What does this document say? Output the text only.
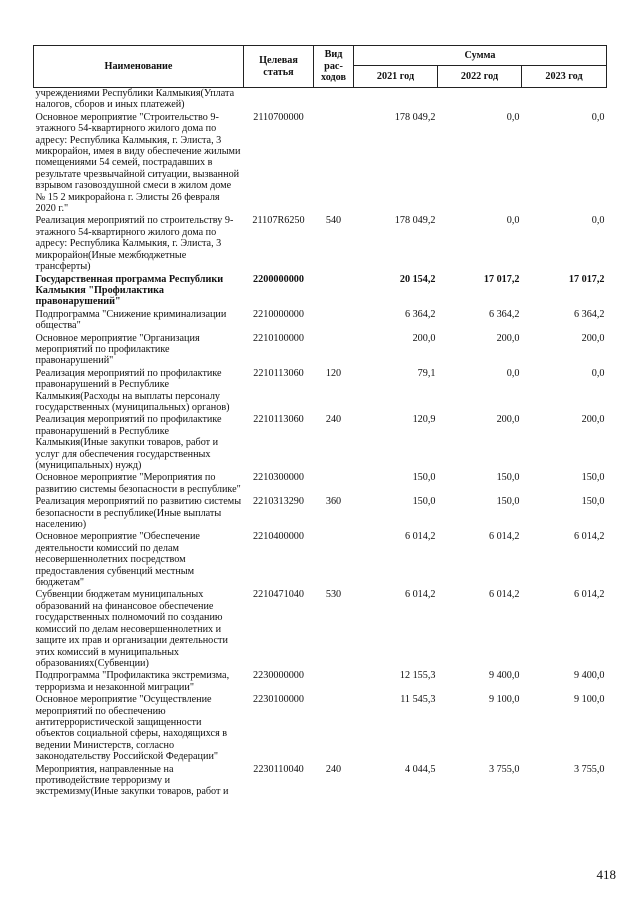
Наименование	Целевая статья	Вид рас-ходов	Сумма		
			2021 год	2022 год	2023 год
учреждениями Республики Калмыкия(Уплата налогов, сборов и иных платежей)					
Основное мероприятие "Строительство 9-этажного 54-квартирного жилого дома по адресу: Республика Калмыкия, г. Элиста, 3 микрорайон, имея в виду обеспечение жилыми помещениями 54 семей, пострадавших в результате чрезвычайной ситуации, вызванной взрывом газовоздушной смеси в жилом доме № 15 2 микрорайона г. Элисты 26 февраля 2020 г."	2110700000		178 049,2	0,0	0,0
Реализация мероприятий по строительству 9-этажного 54-квартирного жилого дома по адресу: Республика Калмыкия, г. Элиста, 3 микрорайон(Иные межбюджетные трансферты)	21107R6250	540	178 049,2	0,0	0,0
Государственная программа Республики Калмыкия "Профилактика правонарушений"	2200000000		20 154,2	17 017,2	17 017,2
Подпрограмма "Снижение криминализации общества"	2210000000		6 364,2	6 364,2	6 364,2
Основное мероприятие "Организация мероприятий по профилактике правонарушений"	2210100000		200,0	200,0	200,0
Реализация мероприятий по профилактике правонарушений в Республике Калмыкия(Расходы на выплаты персоналу государственных (муниципальных) органов)	2210113060	120	79,1	0,0	0,0
Реализация мероприятий по профилактике правонарушений в Республике Калмыкия(Иные закупки товаров, работ и услуг для обеспечения государственных (муниципальных) нужд)	2210113060	240	120,9	200,0	200,0
Основное мероприятие "Мероприятия по развитию системы безопасности в республике"	2210300000		150,0	150,0	150,0
Реализация мероприятий по развитию системы безопасности в республике(Иные выплаты населению)	2210313290	360	150,0	150,0	150,0
Основное мероприятие "Обеспечение деятельности комиссий по делам несовершеннолетних посредством предоставления субвенций местным бюджетам"	2210400000		6 014,2	6 014,2	6 014,2
Субвенции бюджетам муниципальных образований на финансовое обеспечение государственных полномочий по созданию комиссий по делам несовершеннолетних и защите их прав и организации деятельности этих комиссий в муниципальных образованиях(Субвенции)	2210471040	530	6 014,2	6 014,2	6 014,2
Подпрограмма "Профилактика экстремизма, терроризма и незаконной миграции"	2230000000		12 155,3	9 400,0	9 400,0
Основное мероприятие "Осуществление мероприятий по обеспечению антитеррористической защищенности объектов социальной сферы, находящихся в ведении Министерств, согласно законодательству Российской Федерации"	2230100000		11 545,3	9 100,0	9 100,0
Мероприятия, направленные на противодействие терроризму и экстремизму(Иные закупки товаров, работ и	2230110040	240	4 044,5	3 755,0	3 755,0
418
